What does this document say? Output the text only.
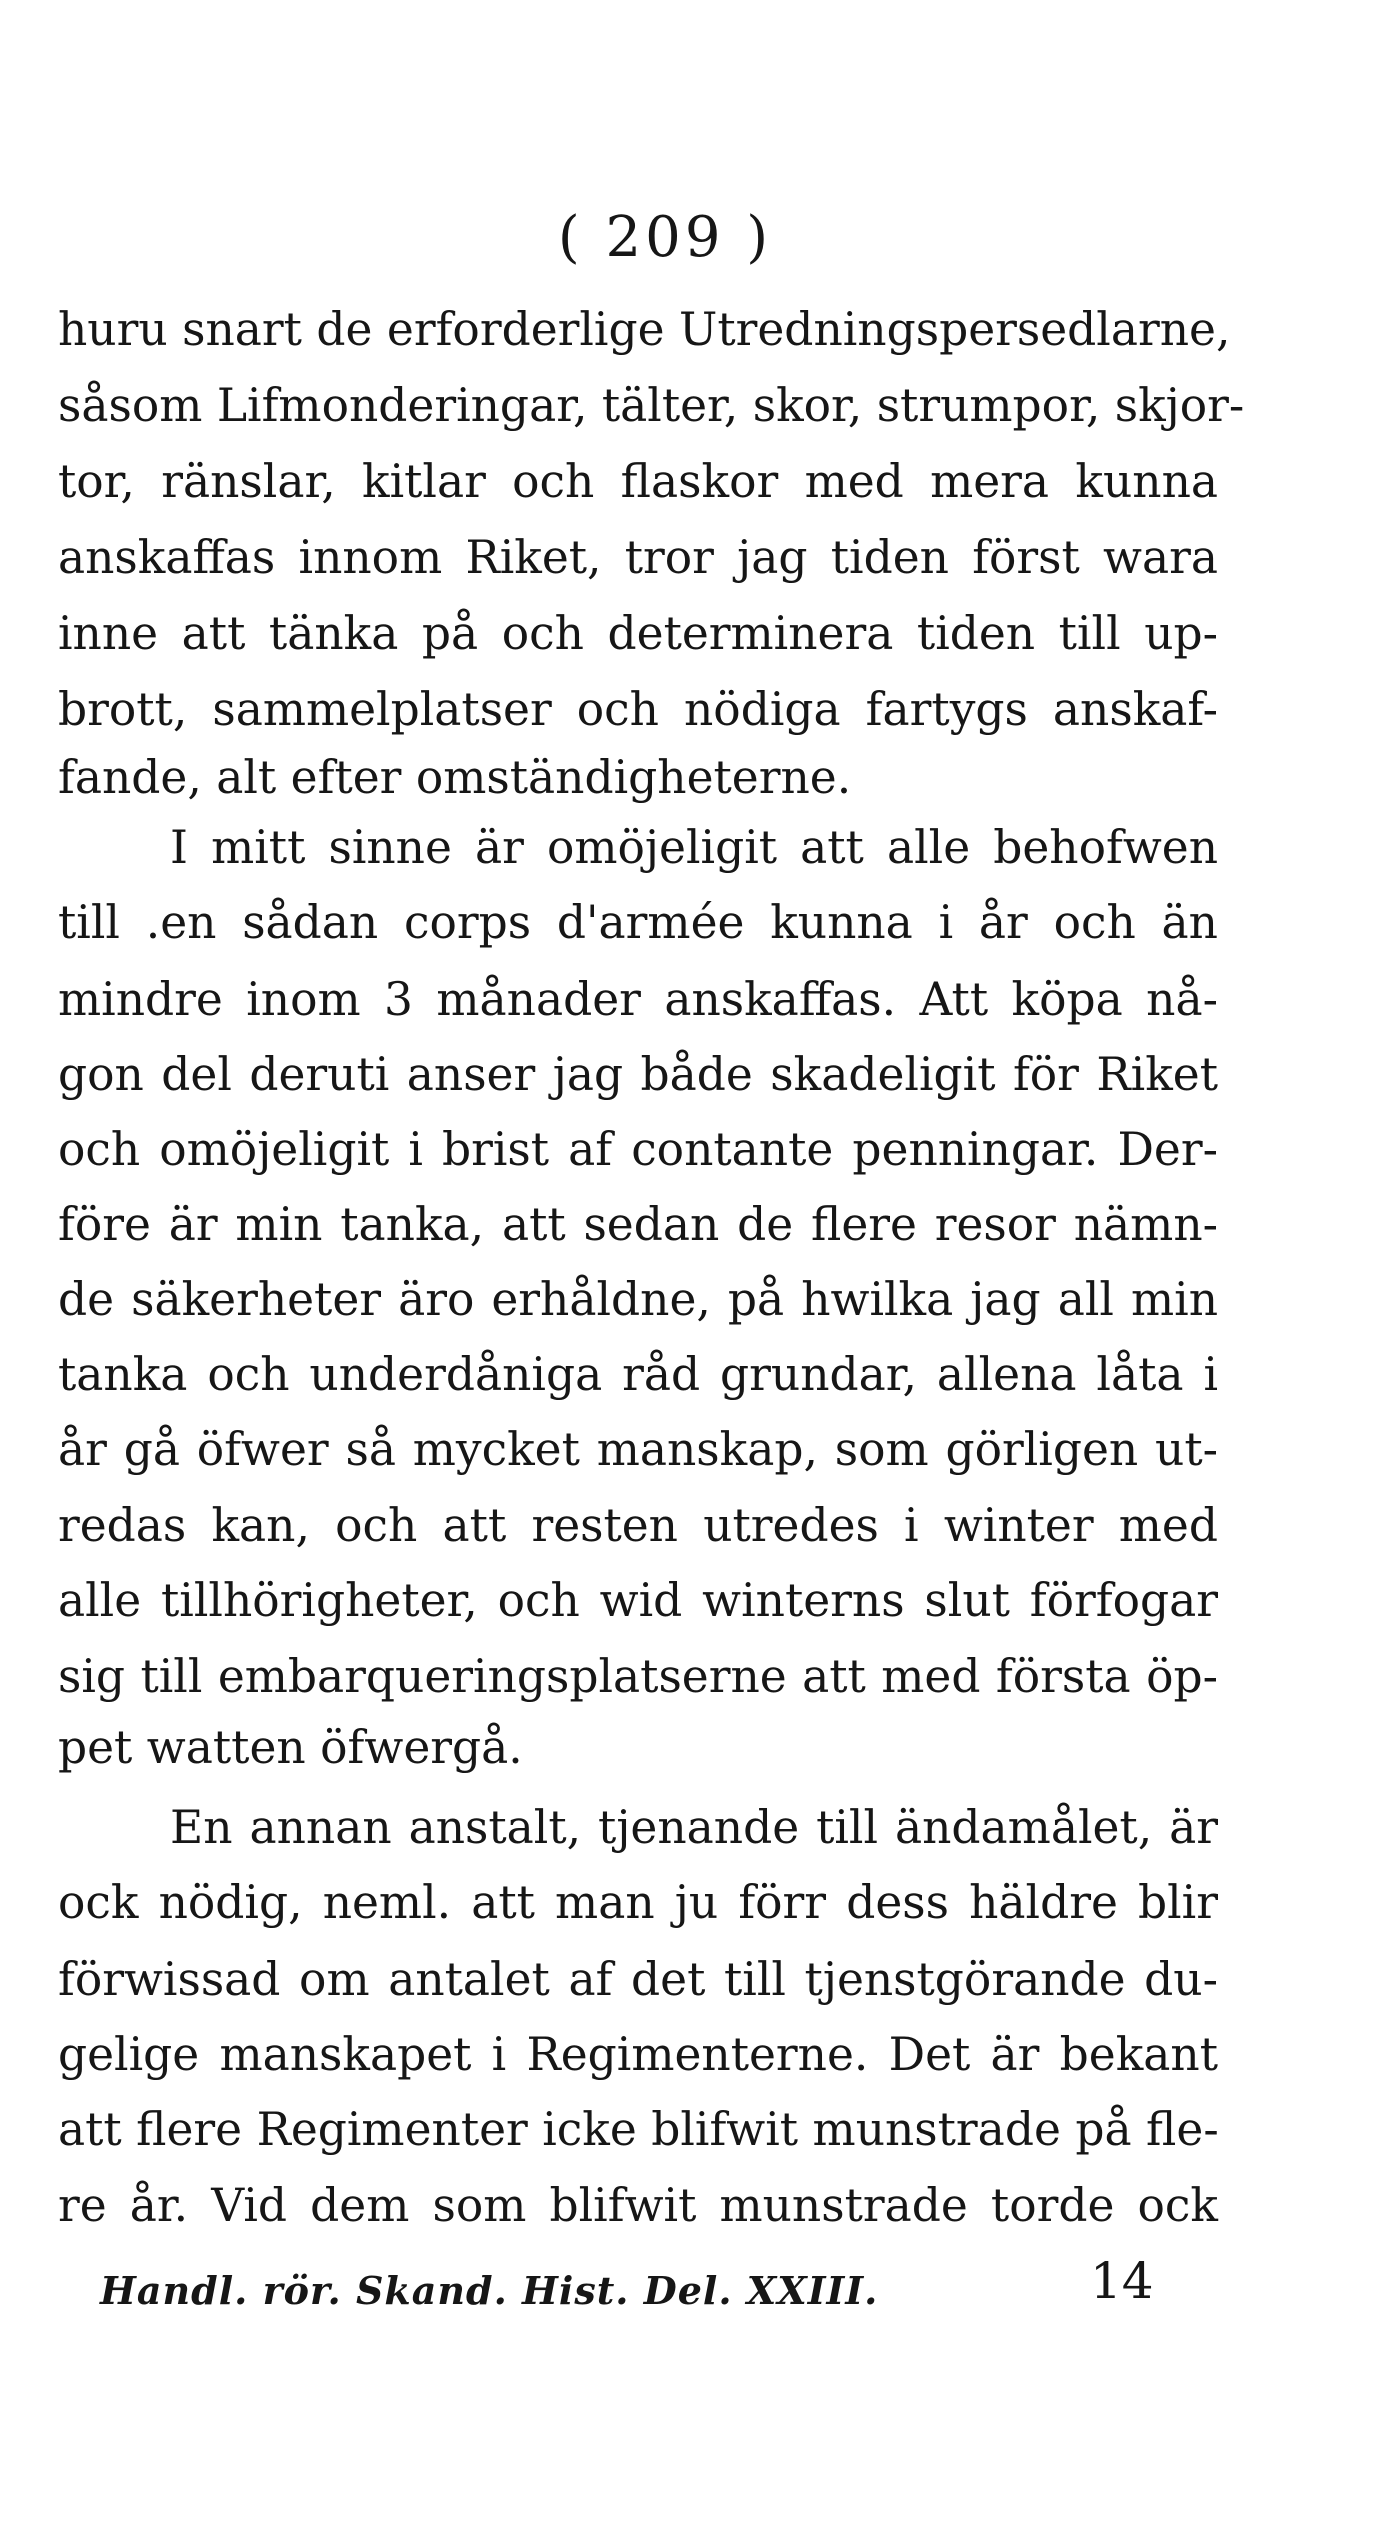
( 209 )
huru snart de erforderlige Utredningspersedlarne,
såsom Lifmonderingar, tälter, skor, strumpor, skjor-
tor, ränslar, kitlar och flaskor med mera kunna
anskaffas innom Riket, tror jag tiden först wara
inne att tänka på och determinera tiden till up-
brott, sammelplatser och nödiga fartygs anskaf-
fande, alt efter omständigheterne.
I mitt sinne är omöjeligit att alle behofwen
till .en sådan corps d'armée kunna i år och än
mindre inom 3 månader anskaffas. Att köpa nå-
gon del deruti anser jag både skadeligit för Riket
och omöjeligit i brist af contante penningar. Der-
före är min tanka, att sedan de flere resor nämn-
de säkerheter äro erhåldne, på hwilka jag all min
tanka och underdåniga råd grundar, allena låta i
år gå öfwer så mycket manskap, som görligen ut-
redas kan, och att resten utredes i winter med
alle tillhörigheter, och wid winterns slut förfogar
sig till embarqueringsplatserne att med första öp-
pet watten öfwergå.
En annan anstalt, tjenande till ändamålet, är
ock nödig, neml. att man ju förr dess häldre blir
förwissad om antalet af det till tjenstgörande du-
gelige manskapet i Regimenterne. Det är bekant
att flere Regimenter icke blifwit munstrade på fle-
re år. Vid dem som blifwit munstrade torde ock
Handl. rör. Skand. Hist. Del. XXIII.	14
